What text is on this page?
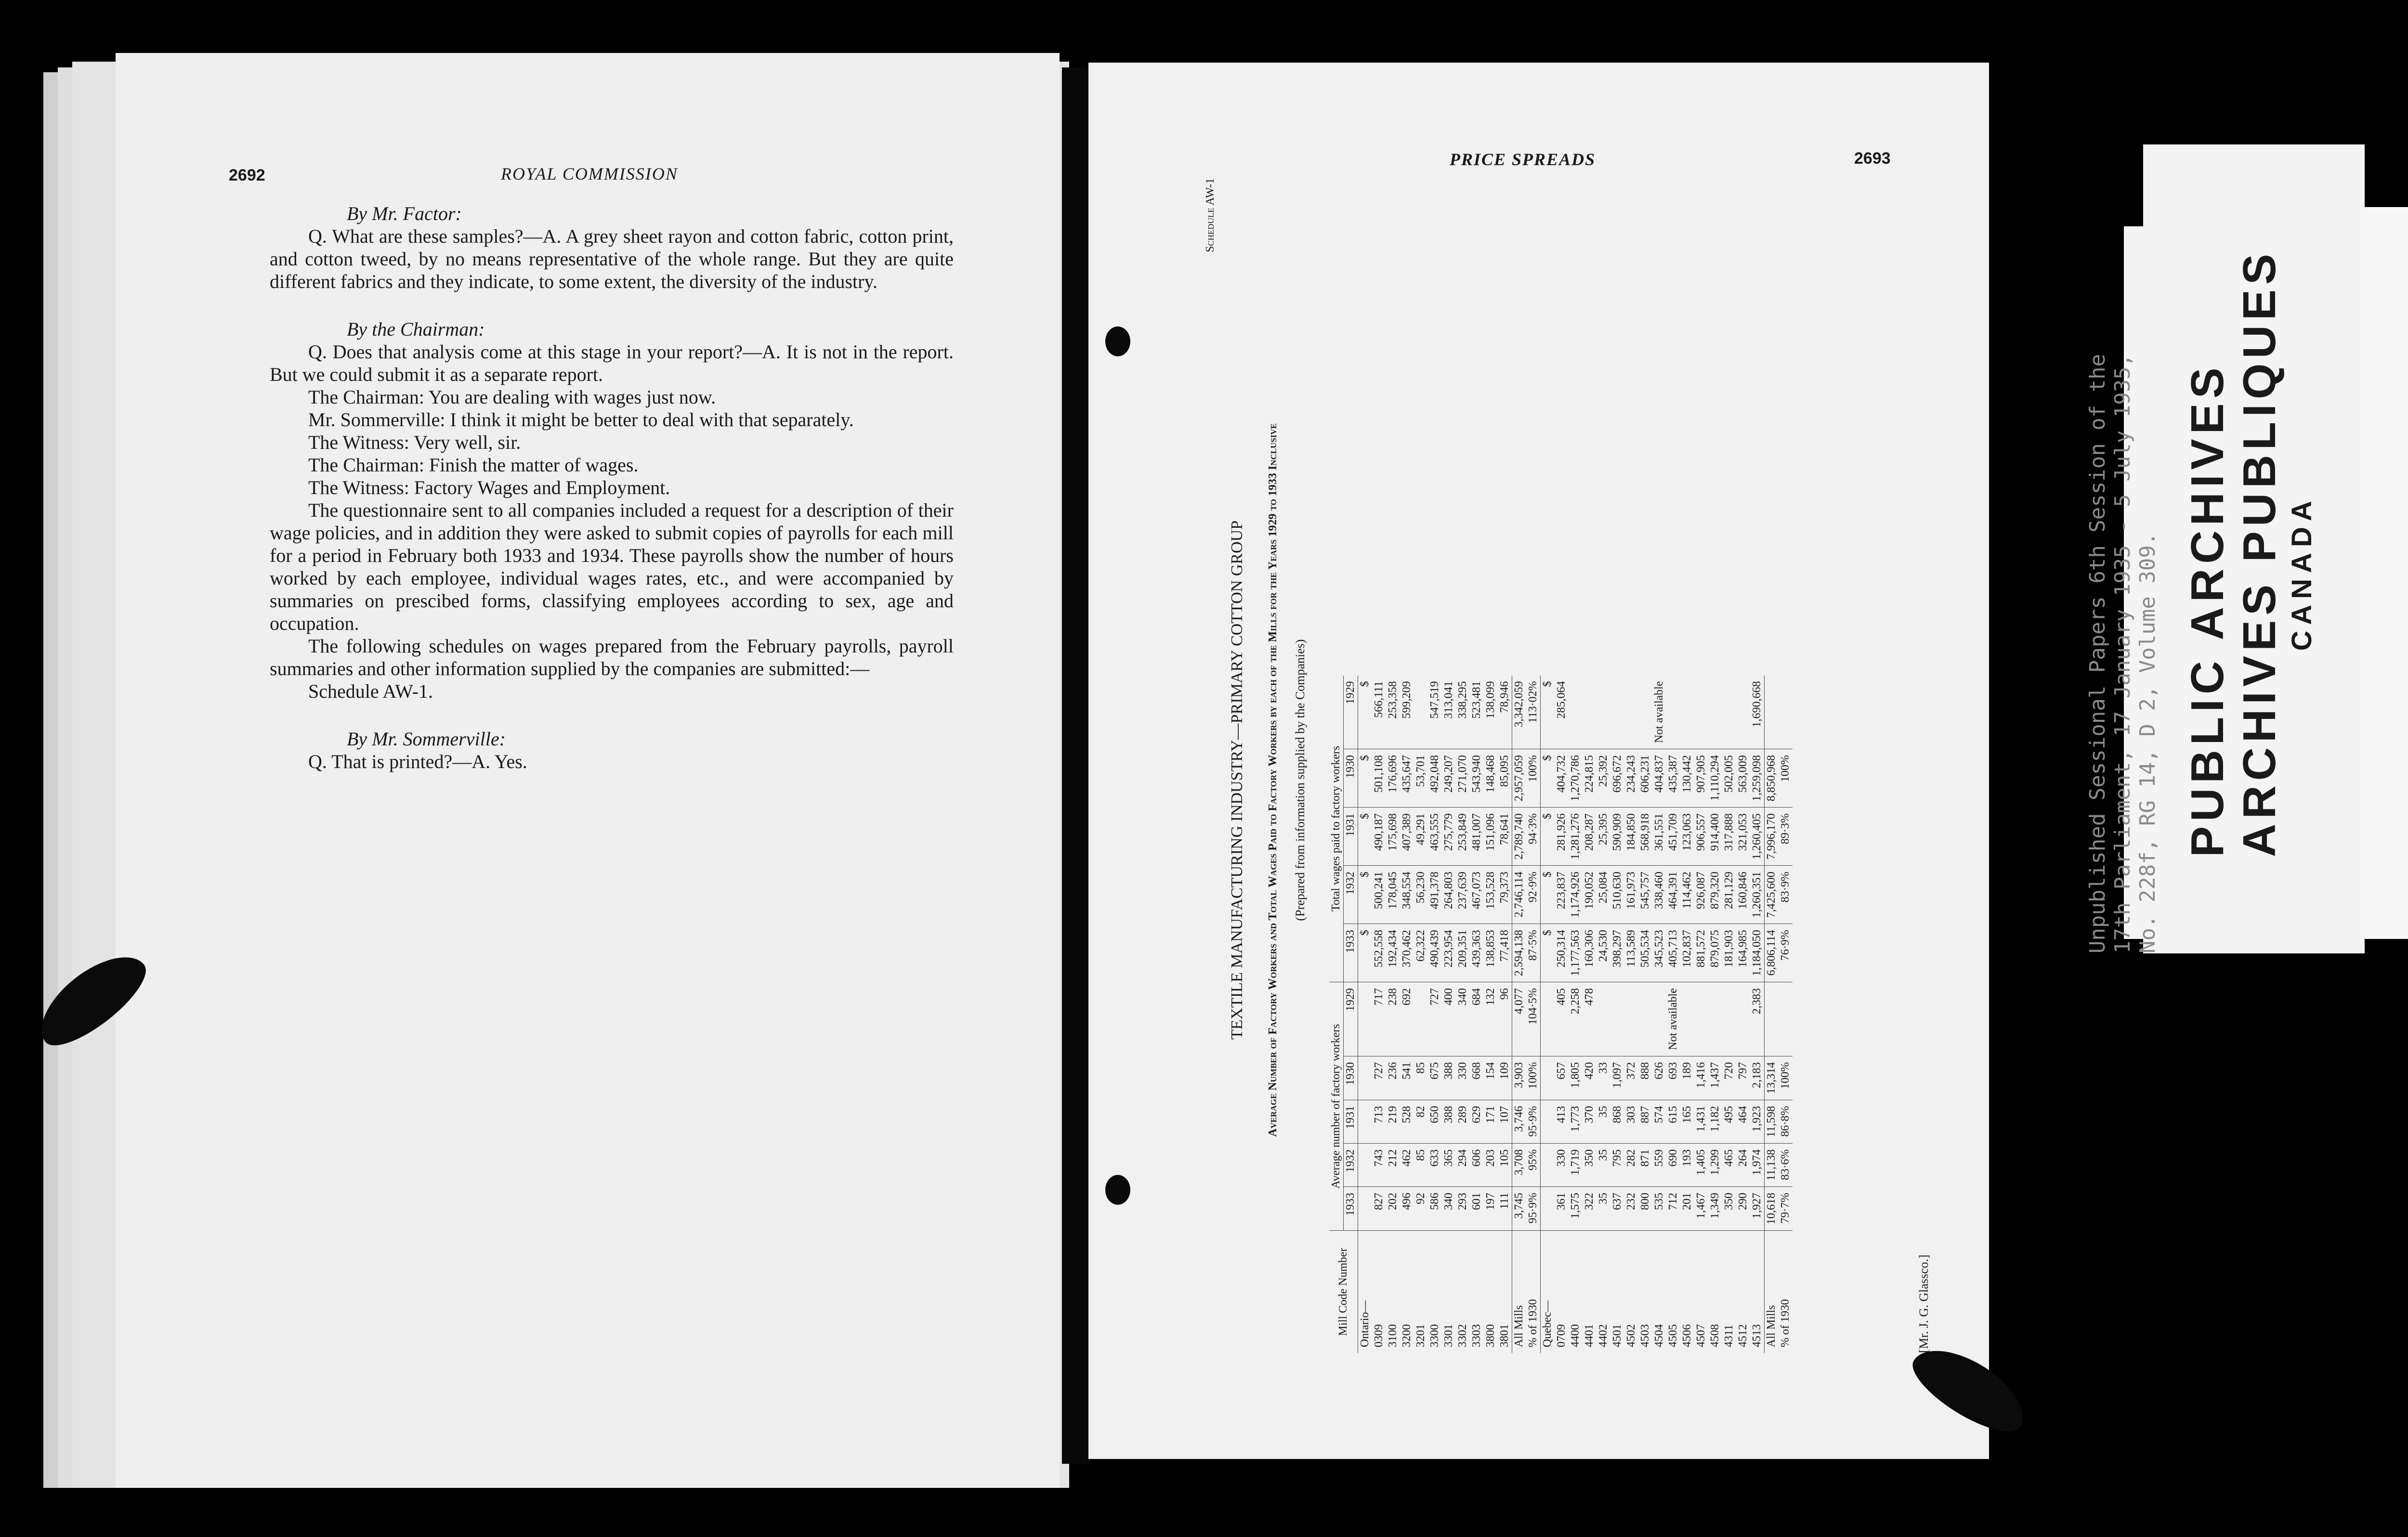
2692	ROYAL COMMISSION

By Mr. Factor:

Q. What are these samples?—A. A grey sheet rayon and cotton fabric, cotton print, and cotton tweed, by no means representative of the whole range. But they are quite different fabrics and they indicate, to some extent, the diversity of the industry.

By the Chairman:

Q. Does that analysis come at this stage in your report?—A. It is not in the report. But we could submit it as a separate report.

The Chairman: You are dealing with wages just now.

Mr. Sommerville: I think it might be better to deal with that separately.

The Witness: Very well, sir.

The Chairman: Finish the matter of wages.

The Witness: Factory Wages and Employment.

The questionnaire sent to all companies included a request for a description of their wage policies, and in addition they were asked to submit copies of payrolls for each mill for a period in February both 1933 and 1934. These payrolls show the number of hours worked by each employee, individual wages rates, etc., and were accompanied by summaries on prescibed forms, classifying employees according to sex, age and occupation.

The following schedules on wages prepared from the February payrolls, payroll summaries and other information supplied by the companies are submitted:—

Schedule AW-1.

By Mr. Sommerville:

Q. That is printed?—A. Yes.

PRICE SPREADS	2693
Schedule AW-1
TEXTILE MANUFACTURING INDUSTRY—PRIMARY COTTON GROUP Average Number of Factory Workers and Total Wages Paid to Factory Workers by each of the Mills for the Years 1929 to 1933 Inclusive (Prepared from information supplied by the Companies)
Mill Code Number	Average number of factory workers					Total wages paid to factory workers				
	1933	1932	1931	1930	1929	1933	1932	1931	1930	1929
Ontario—						$	$	$	$	$
0309	827	743	713	727	717	552,558	500,241	490,187	501,108	566,111
3100	202	212	219	236	238	192,434	178,045	175,698	176,696	253,358
3200	496	462	528	541	692	370,462	348,554	407,389	435,647	599,209
3201	92	85	82	85		62,322	56,230	49,291	53,701	
3300	586	633	650	675	727	490,439	491,378	463,555	492,048	547,519
3301	340	365	388	388	400	223,954	264,803	275,779	249,207	313,041
3302	293	294	289	330	340	209,351	237,639	253,849	271,070	338,295
3303	601	606	629	668	684	439,363	467,073	481,007	543,940	523,481
3800	197	203	171	154	132	138,853	153,528	151,096	148,468	138,099
3801	111	105	107	109	96	77,418	79,373	78,641	85,095	78,946
All Mills	3,745	3,708	3,746	3,903	4,077	2,594,138	2,746,114	2,789,740	2,957,059	3,342,059
% of 1930	95·9%	95%	95·9%	100%	104·5%	87·5%	92·9%	94·3%	100%	113·02%
Quebec—						$	$	$	$	$
0709	361	330	413	657	405	250,314	223,837	281,926	404,732	285,064
4400	1,575	1,719	1,773	1,805	2,258	1,177,563	1,174,926	1,281,276	1,270,786	
4401	322	350	370	420	478	160,306	190,052	208,287	224,815	
4402	35	35	35	33		24,530	25,084	25,395	25,392	
4501	637	795	868	1,097		398,297	510,630	590,909	696,672	
4502	232	282	303	372		113,589	161,973	184,850	234,243	
4503	800	871	887	888		505,534	545,757	568,918	606,231	
4504	535	559	574	626		345,523	338,460	361,551	404,837	Not available
4505	712	690	615	693	Not available	405,713	464,391	451,709	435,387	
4506	201	193	165	189		102,837	114,462	123,063	130,442	
4507	1,467	1,405	1,431	1,416		881,572	926,087	906,557	907,905	
4508	1,349	1,299	1,182	1,437		879,075	879,320	914,400	1,110,294	
4311	350	465	495	720		181,903	281,129	317,888	502,005	
4512	290	264	464	797		164,985	160,846	321,053	563,009	
4513	1,927	1,974	1,923	2,183	2,383	1,184,050	1,260,351	1,260,405	1,259,098	1,690,668
All Mills	10,618	11,138	11,598	13,314		6,806,114	7,425,600	7,996,170	8,850,968	
% of 1930	79·7%	83·6%	86·8%	100%		76·9%	83·9%	89·3%	100%	
[Mr. J. G. Glassco.]
Unpublished Sessional Papers 6th Session of the 17th Parliament, 17 January 1935 - 5 July 1935, No. 228f, RG 14, D 2, Volume 309. PUBLIC ARCHIVES ARCHIVES PUBLIQUES CANADA
